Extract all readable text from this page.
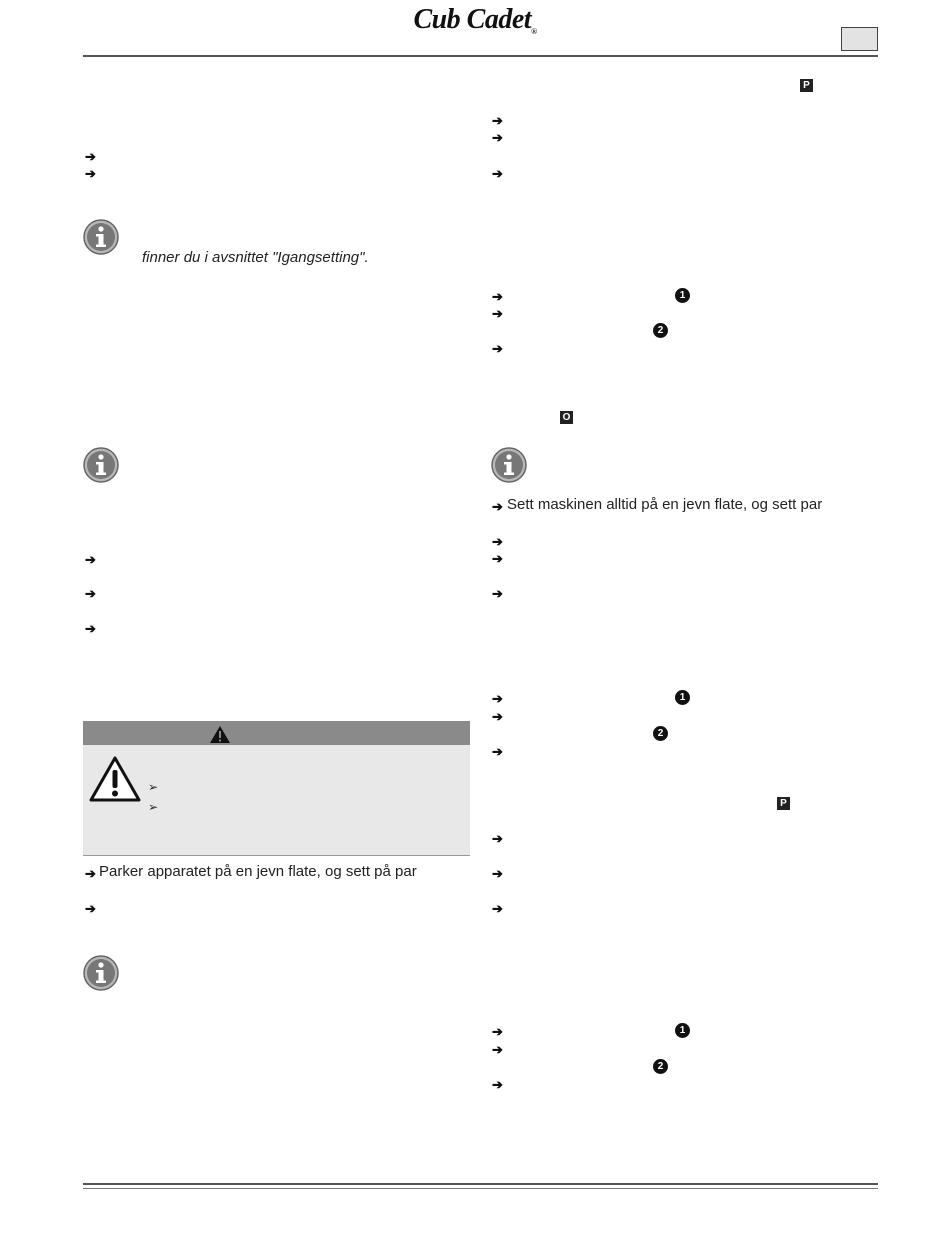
Cub Cadet®
➔
➔
finner du i avsnittet "Igangsetting".
➔
➔
➔
➢
➢
➔ Parker apparatet på en jevn flate, og sett på par
➔
P
➔
➔
➔
➔	1
➔
2
➔
O
➔ Sett maskinen alltid på en jevn flate, og sett par
➔
➔
➔
➔	1
➔
2
➔
P
➔
➔
➔
➔	1
➔
2
➔
